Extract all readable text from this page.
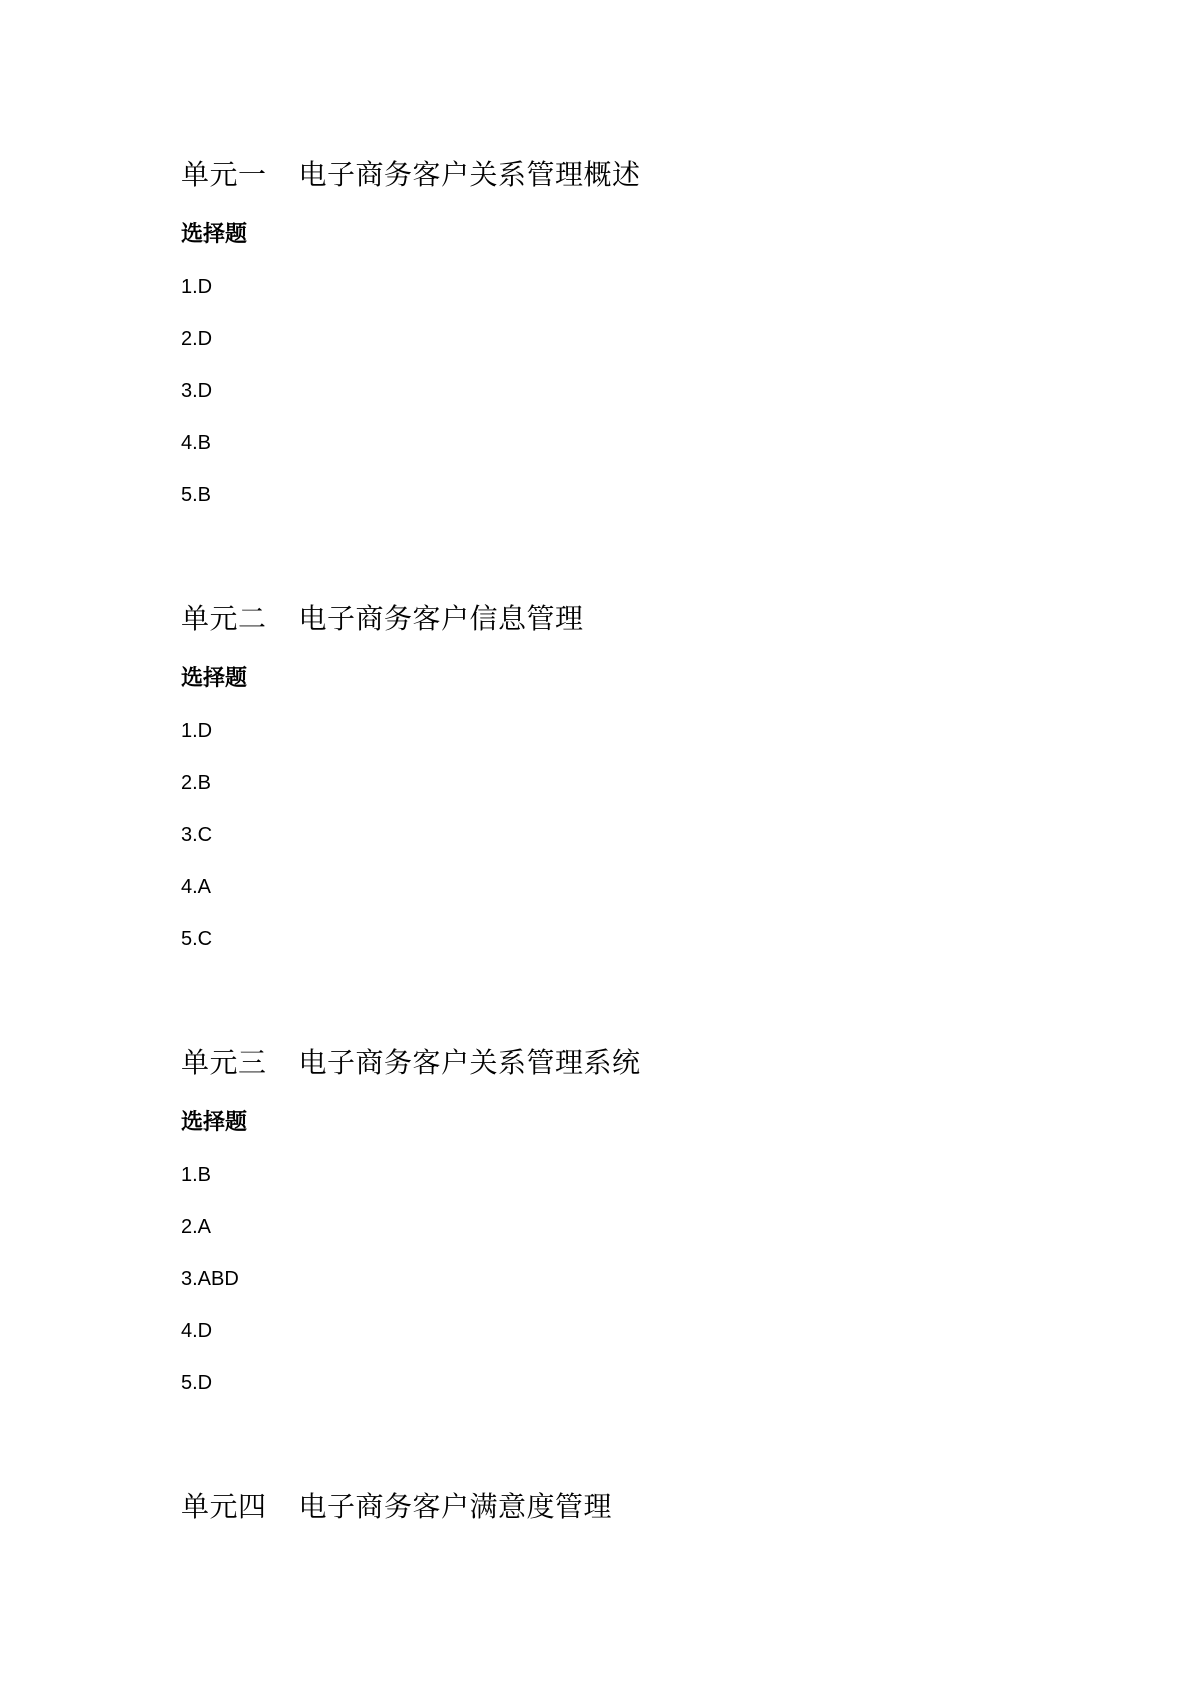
单元一 电子商务客户关系管理概述
选择题
1.D
2.D
3.D
4.B
5.B
单元二 电子商务客户信息管理
选择题
1.D
2.B
3.C
4.A
5.C
单元三 电子商务客户关系管理系统
选择题
1.B
2.A
3.ABD
4.D
5.D
单元四 电子商务客户满意度管理
